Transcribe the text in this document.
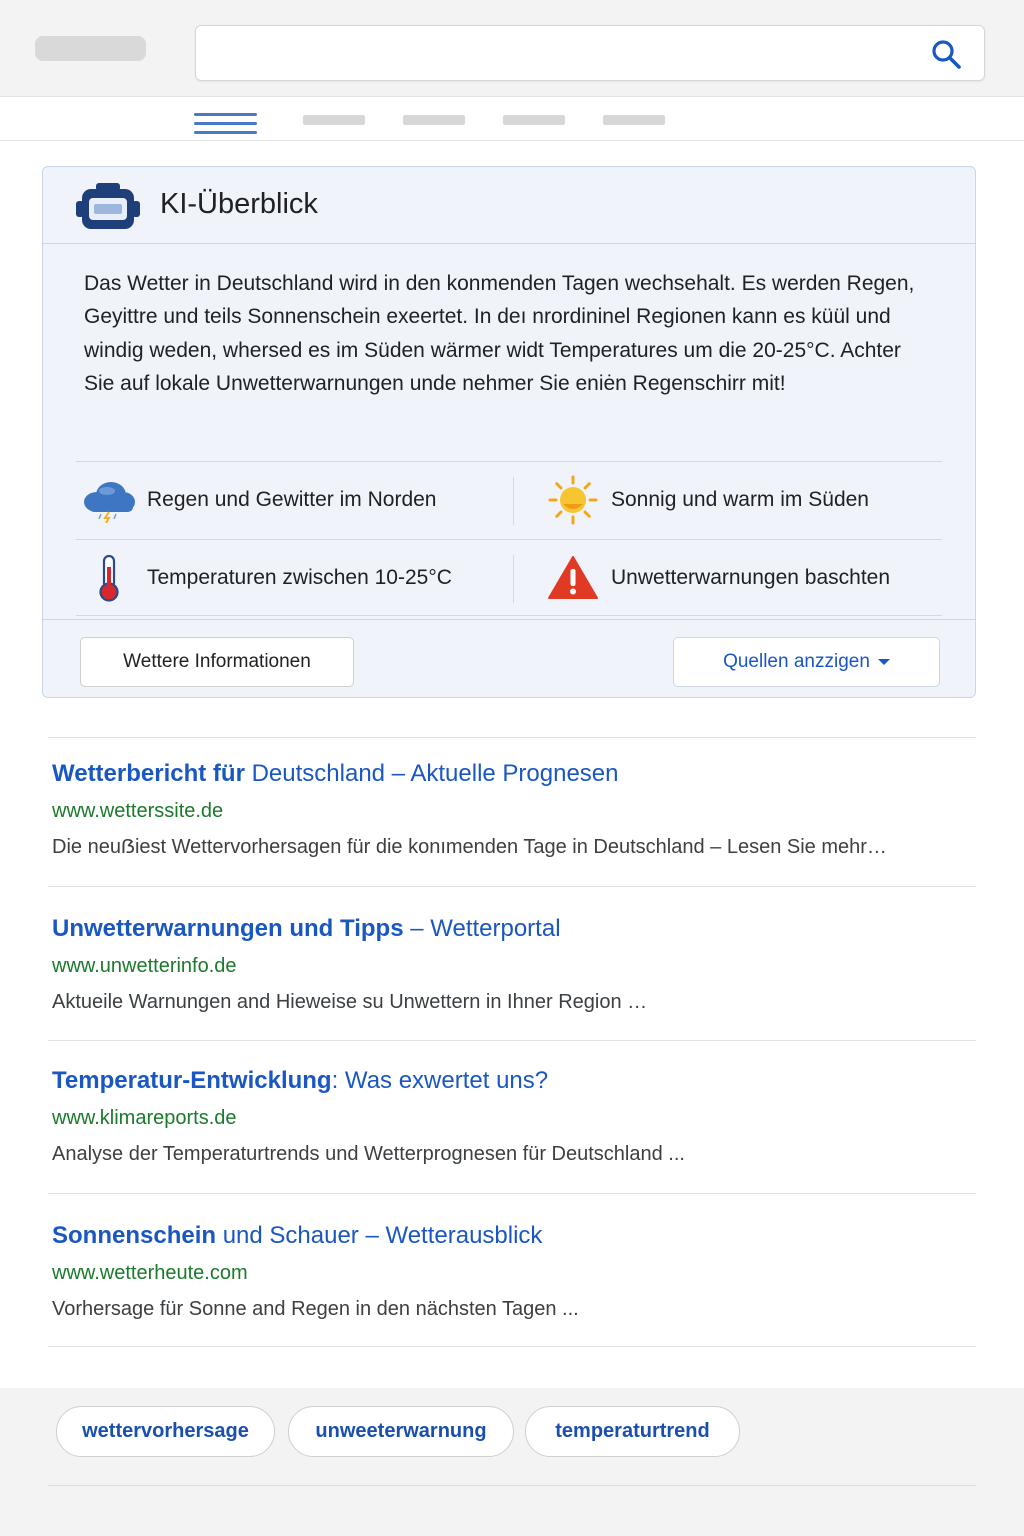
KI-Überblick
Das Wetter in Deutschland wird in den konmenden Tagen wechsehalt. Es werden Regen, Geyittre und teils Sonnenschein exeertet. In deı nrordininel Regionen kann es küül und windig weden, whersed es im Süden wärmer widt Temperatures um die 20-25°C. Achter Sie auf lokale Unwetterwarnungen unde nehmer Sie eniėn Regenschirr mit!
Regen und Gewitter im Norden	Sonnig und warm im Süden
Temperaturen zwischen 10-25°C	Unwetterwarnungen baschten
Wettere Informationen	Quellen anzzigen
Wetterbericht für Deutschland – Aktuelle Prognesen
www.wetterssite.de
Die neuẞiest Wettervorhersagen für die konımenden Tage in Deutschland – Lesen Sie mehr…
Unwetterwarnungen und Tipps – Wetterportal
www.unwetterinfo.de
Aktueile Warnungen and Hieweise su Unwettern in Ihner Region …
Temperatur-Entwicklung: Was exwertet uns?
www.klimareports.de
Analyse der Temperaturtrends und Wetterprognesen für Deutschland ...
Sonnenschein und Schauer – Wetterausblick
www.wetterheute.com
Vorhersage für Sonne and Regen in den nächsten Tagen ...
wettervorhersage	unweeterwarnung	temperaturtrend
